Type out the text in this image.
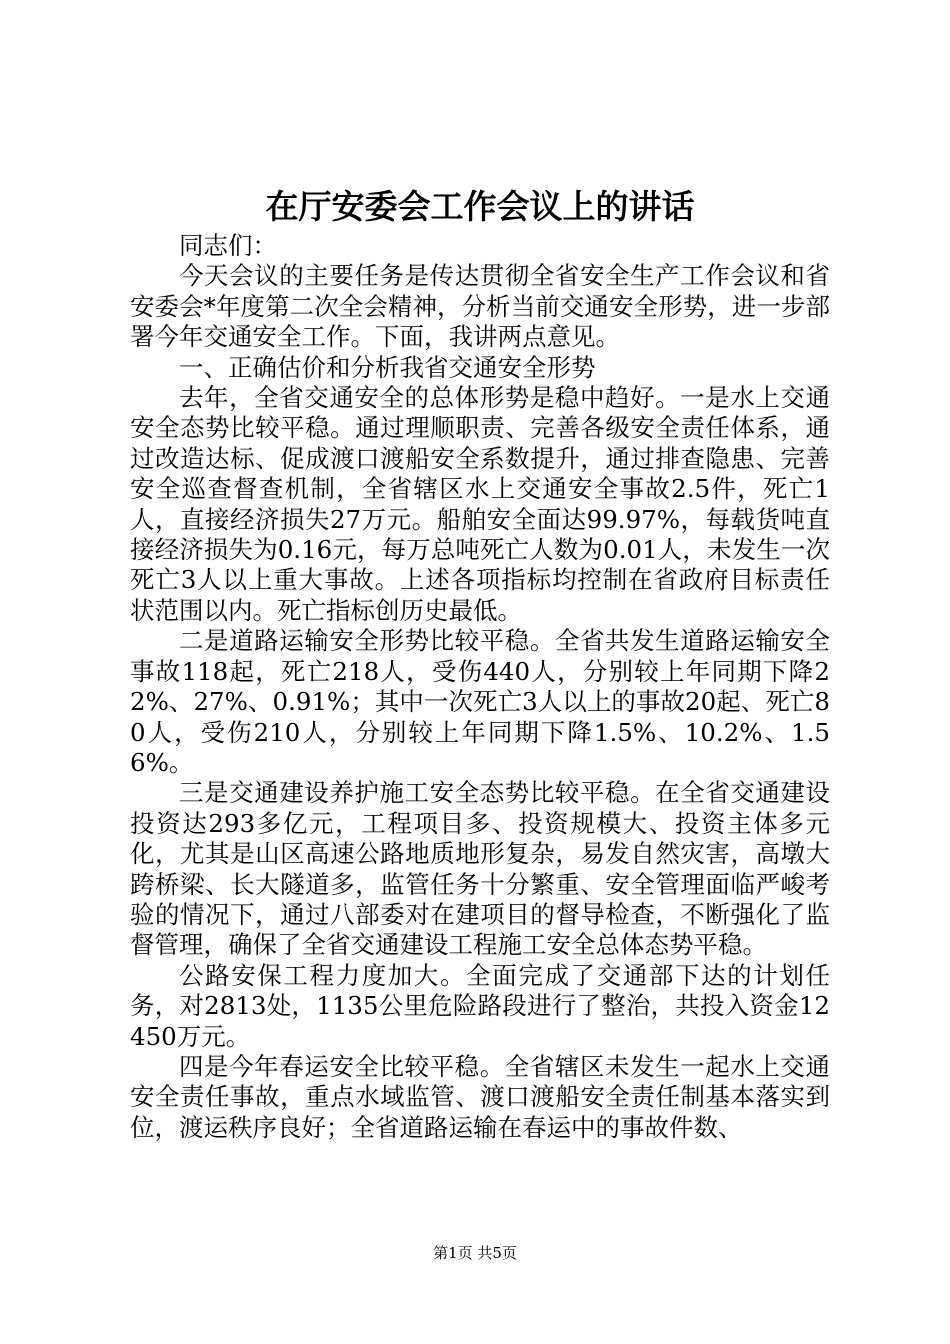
在厅安委会工作会议上的讲话

同志们：

今天会议的主要任务是传达贯彻全省安全生产工作会议和省安委会*年度第二次全会精神，分析当前交通安全形势，进一步部署今年交通安全工作。下面，我讲两点意见。

一、正确估价和分析我省交通安全形势

去年，全省交通安全的总体形势是稳中趋好。一是水上交通安全态势比较平稳。通过理顺职责、完善各级安全责任体系，通过改造达标、促成渡口渡船安全系数提升，通过排查隐患、完善安全巡查督查机制，全省辖区水上交通安全事故2.5件，死亡1人，直接经济损失27万元。船舶安全面达99.97%，每载货吨直接经济损失为0.16元，每万总吨死亡人数为0.01人，未发生一次死亡3人以上重大事故。上述各项指标均控制在省政府目标责任状范围以内。死亡指标创历史最低。

二是道路运输安全形势比较平稳。全省共发生道路运输安全事故118起，死亡218人，受伤440人，分别较上年同期下降22%、27%、0.91%；其中一次死亡3人以上的事故20起、死亡80人，受伤210人，分别较上年同期下降1.5%、10.2%、1.56%。

三是交通建设养护施工安全态势比较平稳。在全省交通建设投资达293多亿元，工程项目多、投资规模大、投资主体多元化，尤其是山区高速公路地质地形复杂，易发自然灾害，高墩大跨桥梁、长大隧道多，监管任务十分繁重、安全管理面临严峻考验的情况下，通过八部委对在建项目的督导检查，不断强化了监督管理，确保了全省交通建设工程施工安全总体态势平稳。

公路安保工程力度加大。全面完成了交通部下达的计划任务，对2813处，1135公里危险路段进行了整治，共投入资金12450万元。

四是今年春运安全比较平稳。全省辖区未发生一起水上交通安全责任事故，重点水域监管、渡口渡船安全责任制基本落实到位，渡运秩序良好；全省道路运输在春运中的事故件数、

第1页 共5页
